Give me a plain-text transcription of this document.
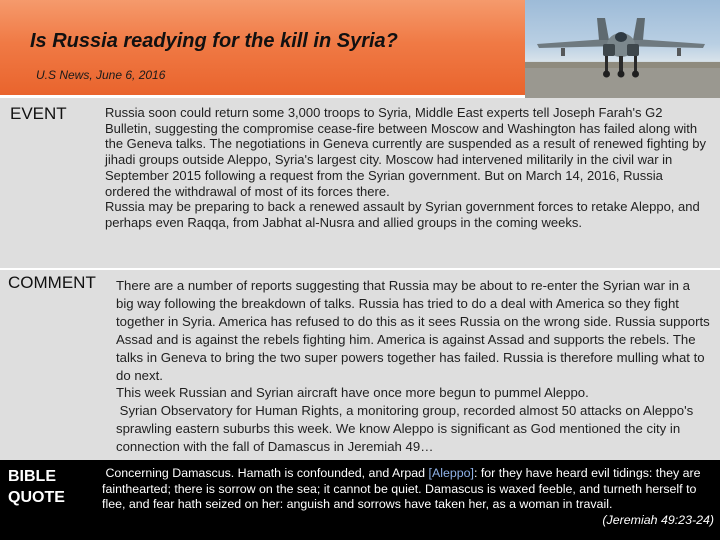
Is Russia readying for the kill in Syria?
U.S News, June 6, 2016
EVENT	Russia soon could return some 3,000 troops to Syria, Middle East experts tell Joseph Farah's G2 Bulletin, suggesting the compromise cease-fire between Moscow and Washington has failed along with the Geneva talks. The negotiations in Geneva currently are suspended as a result of renewed fighting by jihadi groups outside Aleppo, Syria's largest city. Moscow had intervened militarily in the civil war in September 2015 following a request from the Syrian government. But on March 14, 2016, Russia ordered the withdrawal of most of its forces there.

Russia may be preparing to back a renewed assault by Syrian government forces to retake Aleppo, and perhaps even Raqqa, from Jabhat al-Nusra and allied groups in the coming weeks.

COMMENT There are a number of reports suggesting that Russia may be about to re-enter the Syrian war in a big way following the breakdown of talks. Russia has tried to do a deal with America so they fight together in Syria. America has refused to do this as it sees Russia on the wrong side. Russia supports Assad and is against the rebels fighting him. America is against Assad and supports the rebels. The talks in Geneva to bring the two super powers together has failed. Russia is therefore mulling what to do next.

This week Russian and Syrian aircraft have once more begun to pummel Aleppo.

Syrian Observatory for Human Rights, a monitoring group, recorded almost 50 attacks on Aleppo's sprawling eastern suburbs this week. We know Aleppo is significant as God mentioned the city in connection with the fall of Damascus in Jeremiah 49…

BIBLE QUOTE
Concerning Damascus. Hamath is confounded, and Arpad [Aleppo]: for they have heard evil tidings: they are fainthearted; there is sorrow on the sea; it cannot be quiet. Damascus is waxed feeble, and turneth herself to flee, and fear hath seized on her: anguish and sorrows have taken her, as a woman in travail.
(Jeremiah 49:23-24)
